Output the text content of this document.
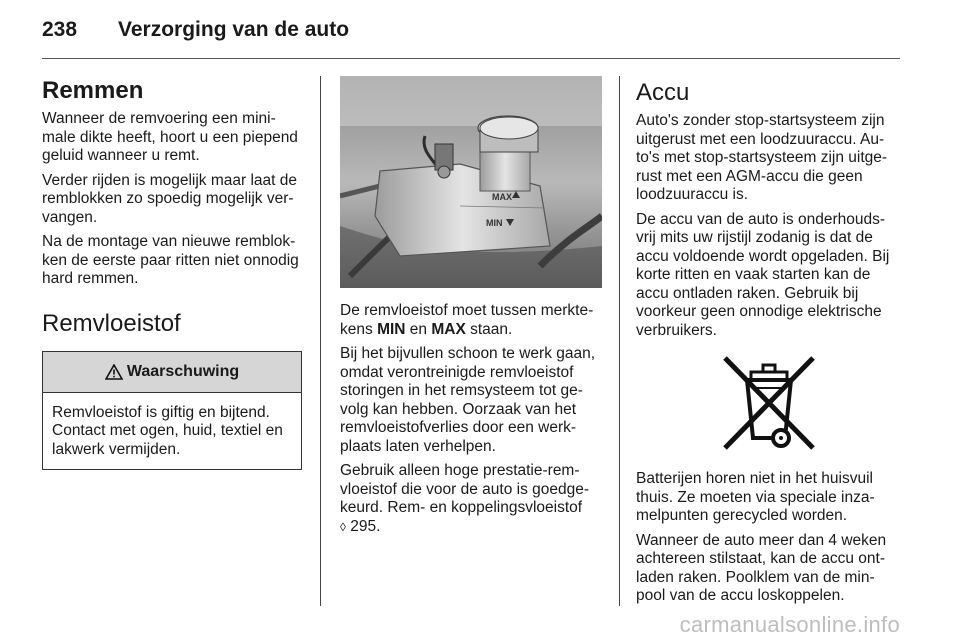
238	Verzorging van de auto
Remmen

Wanneer de remvoering een mini-male dikte heeft, hoort u een piepend geluid wanneer u remt.

Verder rijden is mogelijk maar laat de remblokken zo spoedig mogelijk ver-vangen.

Na de montage van nieuwe remblok-ken de eerste paar ritten niet onnodig hard remmen.

Remvloeistof
Waarschuwing

Remvloeistof is giftig en bijtend. Contact met ogen, huid, textiel en lakwerk vermijden.

MAX
MIN

De remvloeistof moet tussen merkte-kens MIN en MAX staan.

Bij het bijvullen schoon te werk gaan, omdat verontreinigde remvloeistof storingen in het remsysteem tot ge-volg kan hebben. Oorzaak van het remvloeistofverlies door een werk-plaats laten verhelpen.

Gebruik alleen hoge prestatie-rem-vloeistof die voor de auto is goedge-keurd. Rem- en koppelingsvloeistof
◊ 295.

Accu

Auto's zonder stop-startsysteem zijn uitgerust met een loodzuuraccu. Au-to's met stop-startsysteem zijn uitge-rust met een AGM-accu die geen loodzuuraccu is.

De accu van de auto is onderhouds-vrij mits uw rijstijl zodanig is dat de accu voldoende wordt opgeladen. Bij korte ritten en vaak starten kan de accu ontladen raken. Gebruik bij voorkeur geen onnodige elektrische verbruikers.

Batterijen horen niet in het huisvuil thuis. Ze moeten via speciale inza-melpunten gerecycled worden.

Wanneer de auto meer dan 4 weken achtereen stilstaat, kan de accu ont-laden raken. Poolklem van de min-pool van de accu loskoppelen.

carmanualsonline.info
